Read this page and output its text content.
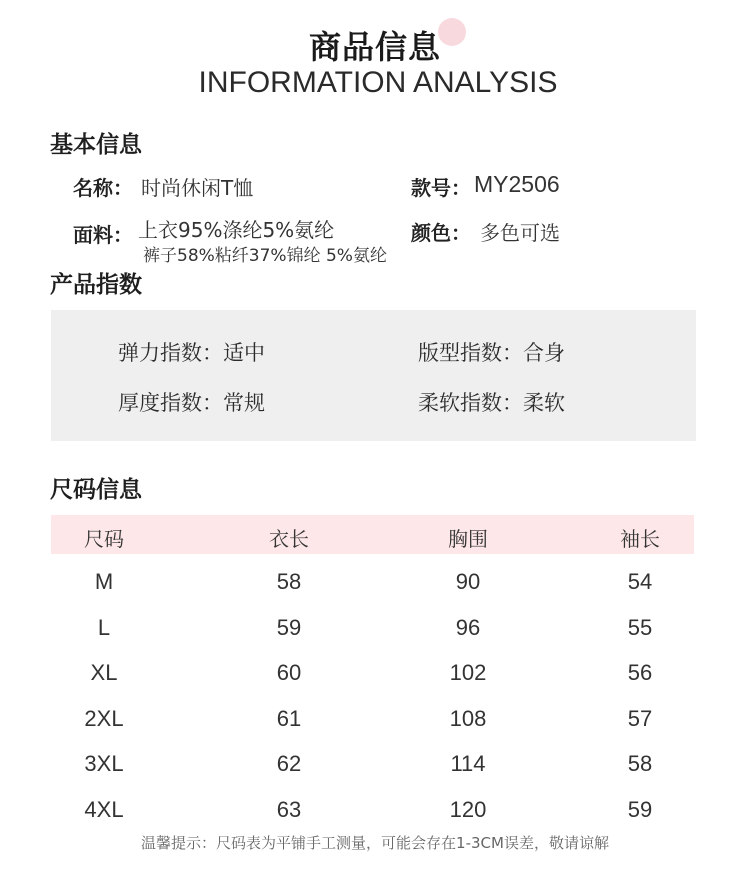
商品信息
INFORMATION ANALYSIS
基本信息
名称： 时尚休闲T恤	款号： MY2506
面料： 上衣95%涤纶5%氨纶
裤子58%粘纤37%锦纶 5%氨纶
颜色： 多色可选
产品指数
弹力指数：适中	版型指数：合身
厚度指数：常规	柔软指数：柔软
尺码信息
尺码	衣长	胸围	袖长
M	58	90	54
L	59	96	55
XL	60	102	56
2XL	61	108	57
3XL	62	114	58
4XL	63	120	59
温馨提示：尺码表为平铺手工测量，可能会存在1-3CM误差，敬请谅解
